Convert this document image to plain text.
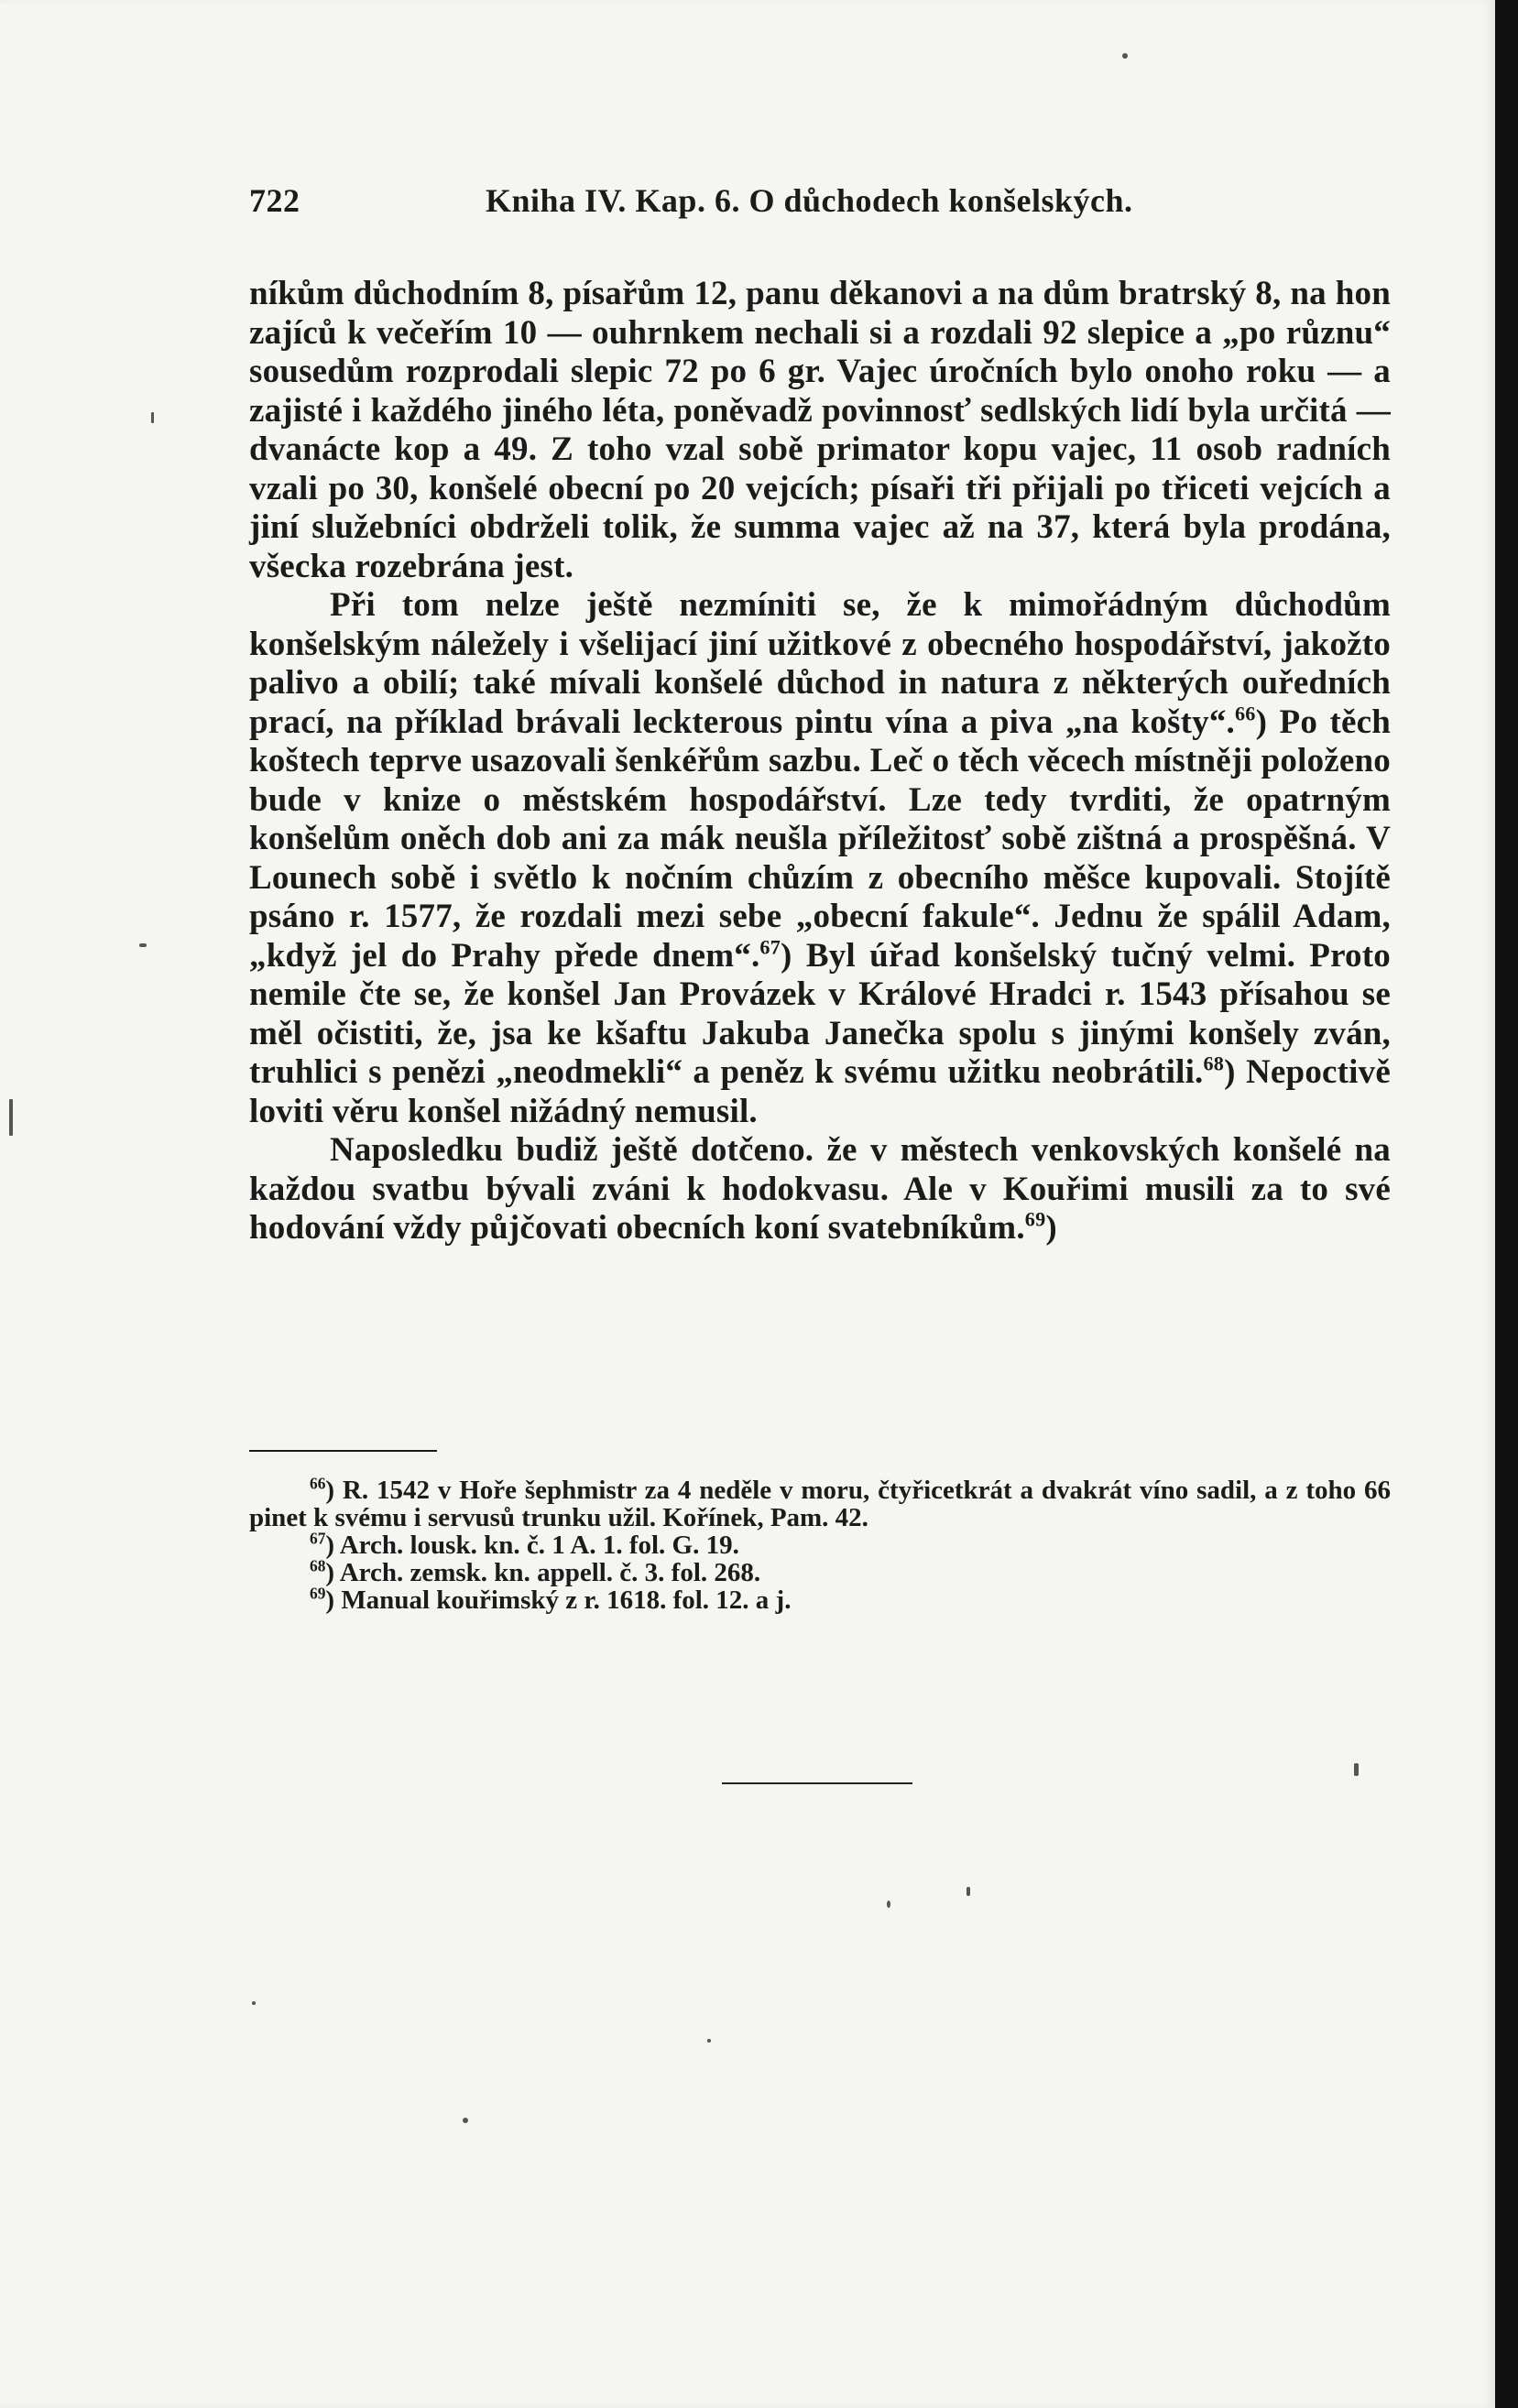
722	Kniha IV. Kap. 6. O důchodech konšelských.

níkům důchodním 8, písařům 12, panu děkanovi a na dům bratrský 8, na hon zajíců k večeřím 10 — ouhrnkem nechali si a rozdali 92 slepice a „po různu“ sousedům rozprodali slepic 72 po 6 gr. Vajec úročních bylo onoho roku — a zajisté i každého jiného léta, poněvadž povinnosť sedlských lidí byla určitá — dvanácte kop a 49. Z toho vzal sobě primator kopu vajec, 11 osob radních vzali po 30, konšelé obecní po 20 vejcích; písaři tři přijali po třiceti vejcích a jiní služebníci obdrželi tolik, že summa vajec až na 37, která byla prodána, všecka rozebrána jest.

Při tom nelze ještě nezmíniti se, že k mimořádným důchodům konšelským náležely i všelijací jiní užitkové z obecného hospodářství, jakožto palivo a obilí; také mívali konšelé důchod in natura z některých ouředních prací, na příklad brávali leckterous pintu vína a piva „na košty“.$^{66}$) Po těch koštech teprve usazovali šenkéřům sazbu. Leč o těch věcech místněji položeno bude v knize o městském hospodářství. Lze tedy tvrditi, že opatrným konšelům oněch dob ani za mák neušla příležitosť sobě zištná a prospěšná. V Lounech sobě i světlo k nočním chůzím z obecního měšce kupovali. Stojítě psáno r. 1577, že rozdali mezi sebe „obecní fakule“. Jednu že spálil Adam, „když jel do Prahy přede dnem“.$^{67}$) Byl úřad konšelský tučný velmi. Proto nemile čte se, že konšel Jan Provázek v Králové Hradci r. 1543 přísahou se měl očistiti, že, jsa ke kšaftu Jakuba Janečka spolu s jinými konšely zván, truhlici s penězi „neodmekli“ a peněz k svému užitku neobrátili.$^{68}$) Nepoctivě loviti věru konšel nižádný nemusil.

Naposledku budiž ještě dotčeno. že v městech venkovských konšelé na každou svatbu bývali zváni k hodokvasu. Ale v Kouřimi musili za to své hodování vždy půjčovati obecních koní svatebníkům.$^{69}$)

$^{66}$) R. 1542 v Hoře šephmistr za 4 neděle v moru, čtyřicetkrát a dvakrát víno sadil, a z toho 66 pinet k svému i servusů trunku užil. Kořínek, Pam. 42.

$^{67}$) Arch. lousk. kn. č. 1 A. 1. fol. G. 19.

$^{68}$) Arch. zemsk. kn. appell. č. 3. fol. 268.

$^{69}$) Manual kouřimský z r. 1618. fol. 12. a j.
